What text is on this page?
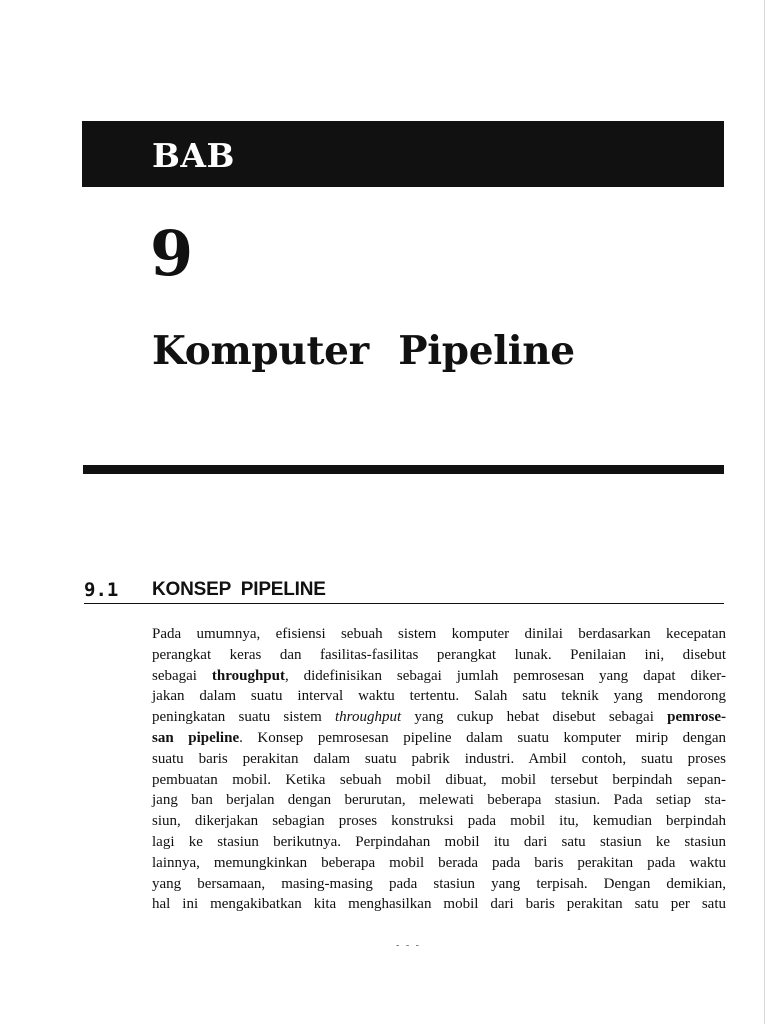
BAB
9
Komputer Pipeline
9.1 KONSEP PIPELINE
Pada umumnya, efisiensi sebuah sistem komputer dinilai berdasarkan kecepatan
perangkat keras dan fasilitas-fasilitas perangkat lunak. Penilaian ini, disebut
sebagai throughput, didefinisikan sebagai jumlah pemrosesan yang dapat diker-
jakan dalam suatu interval waktu tertentu. Salah satu teknik yang mendorong
peningkatan suatu sistem throughput yang cukup hebat disebut sebagai pemrose-
san pipeline. Konsep pemrosesan pipeline dalam suatu komputer mirip dengan
suatu baris perakitan dalam suatu pabrik industri. Ambil contoh, suatu proses
pembuatan mobil. Ketika sebuah mobil dibuat, mobil tersebut berpindah sepan-
jang ban berjalan dengan berurutan, melewati beberapa stasiun. Pada setiap sta-
siun, dikerjakan sebagian proses konstruksi pada mobil itu, kemudian berpindah
lagi ke stasiun berikutnya. Perpindahan mobil itu dari satu stasiun ke stasiun
lainnya, memungkinkan beberapa mobil berada pada baris perakitan pada waktu
yang bersamaan, masing-masing pada stasiun yang terpisah. Dengan demikian,
hal ini mengakibatkan kita menghasilkan mobil dari baris perakitan satu per satu
- - -
